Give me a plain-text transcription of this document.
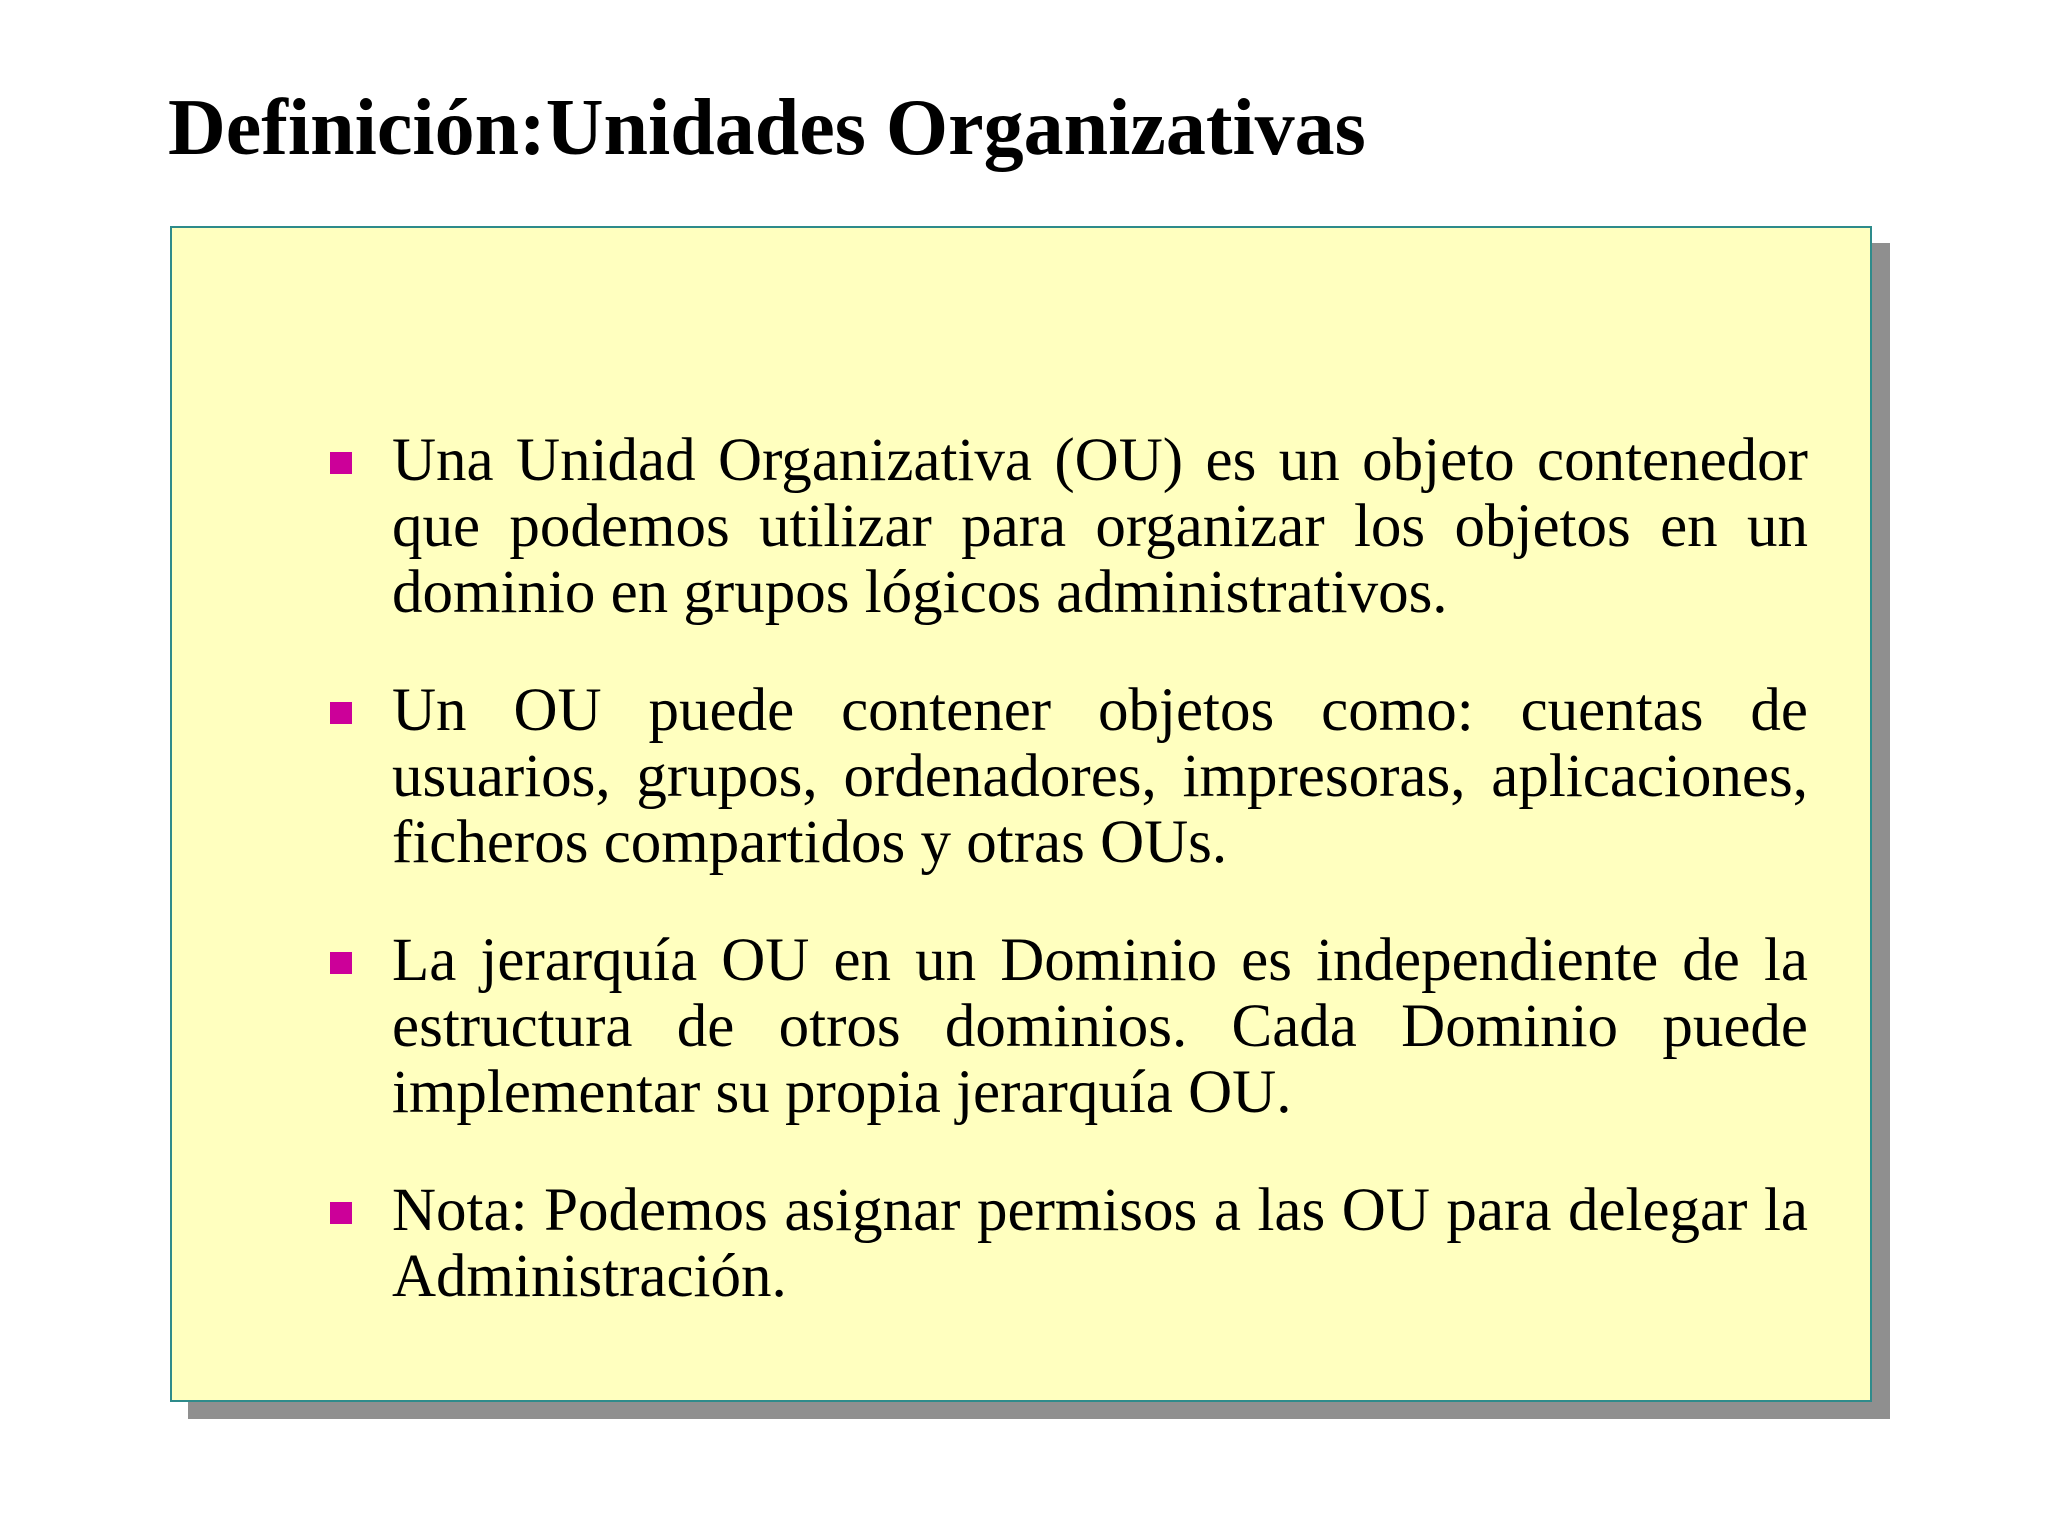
Definición:Unidades Organizativas
Una Unidad Organizativa (OU) es un objeto contenedor que podemos utilizar para organizar los objetos en un dominio en grupos lógicos administrativos.
Un OU puede contener objetos como: cuentas de usuarios, grupos, ordenadores, impresoras, aplicaciones, ficheros compartidos y otras OUs.
La jerarquía OU en un Dominio es independiente de la estructura de otros dominios. Cada Dominio puede implementar su propia jerarquía OU.
Nota: Podemos asignar permisos a las OU para delegar la Administración.
